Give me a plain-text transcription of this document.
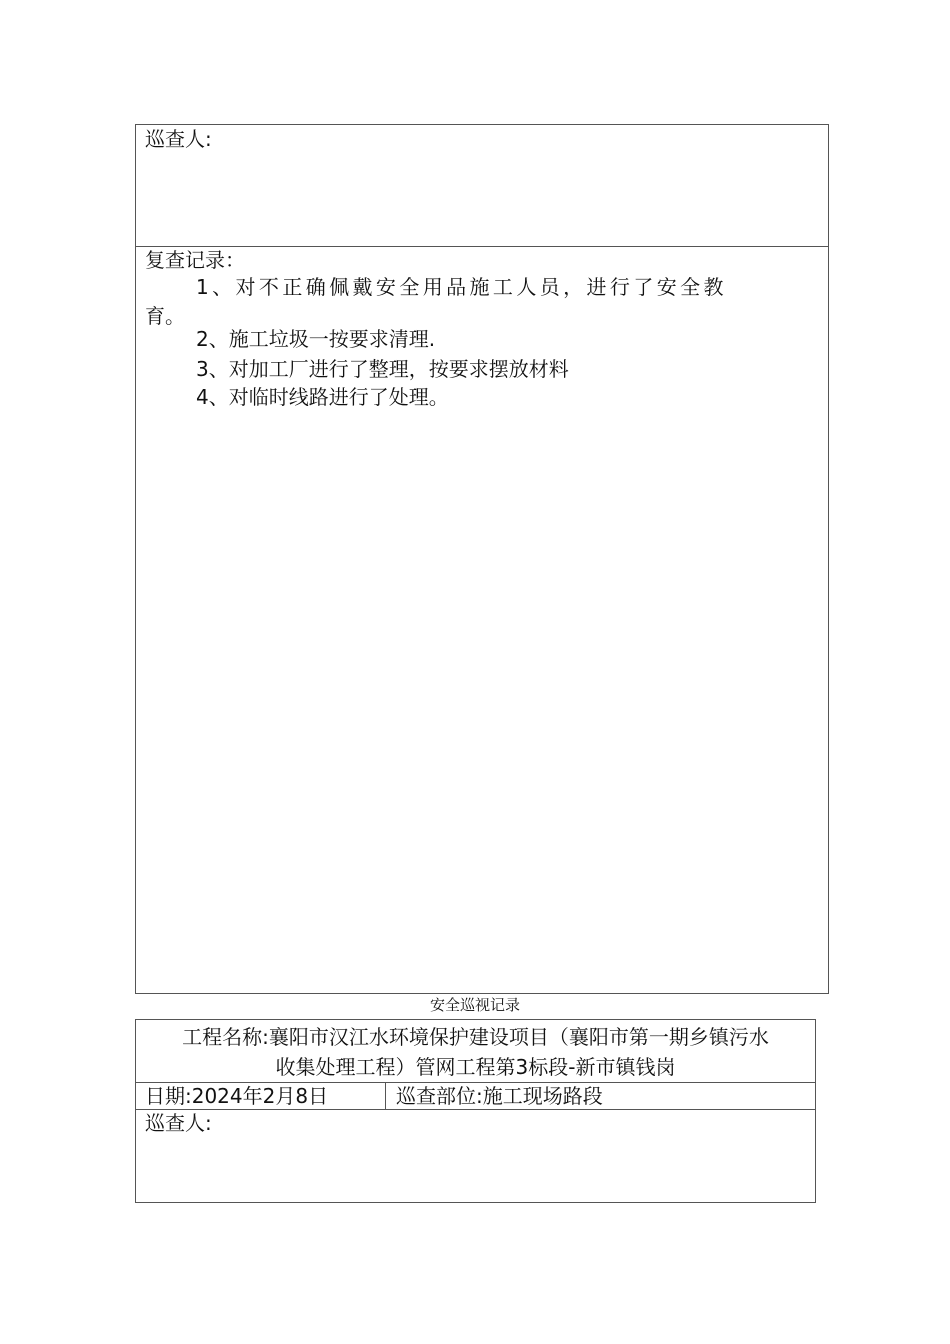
巡查人:
复查记录：
1、对不正确佩戴安全用品施工人员，进行了安全教
育。
2、施工垃圾一按要求清理.
3、对加工厂进行了整理，按要求摆放材料
4、对临时线路进行了处理。
安全巡视记录
工程名称:襄阳市汉江水环境保护建设项目（襄阳市第一期乡镇污水
收集处理工程）管网工程第3标段-新市镇钱岗
日期:2024年2月8日	巡查部位:施工现场路段
巡查人:
